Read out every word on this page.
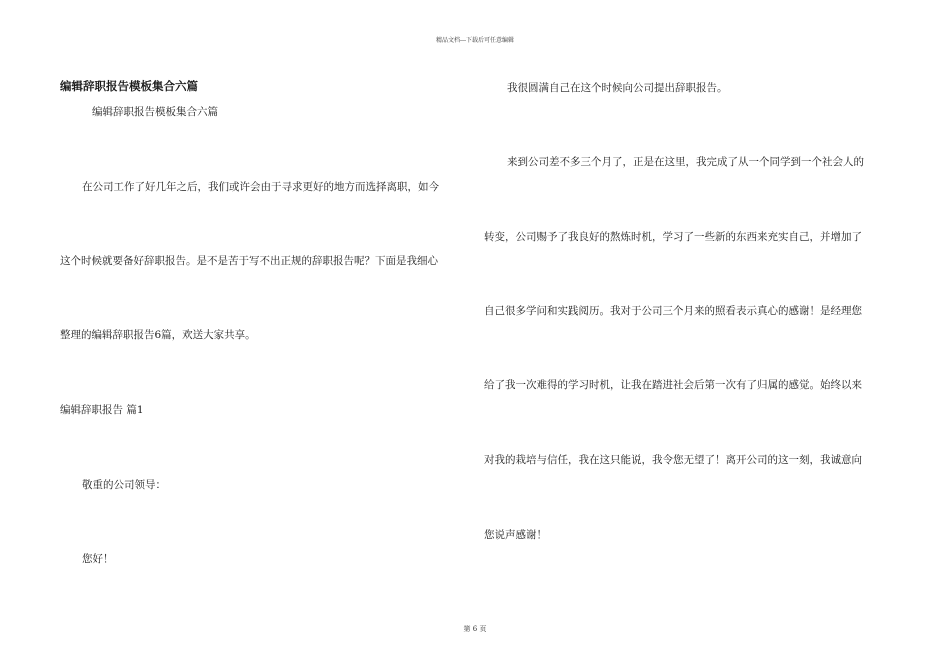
精品文档---下载后可任意编辑
编辑辞职报告模板集合六篇
编辑辞职报告模板集合六篇
在公司工作了好几年之后，我们或许会由于寻求更好的地方而选择离职，如今
这个时候就要备好辞职报告。是不是苦于写不出正规的辞职报告呢？下面是我细心
整理的编辑辞职报告6篇，欢送大家共享。
编辑辞职报告 篇1
敬重的公司领导：
您好！
我很圆满自己在这个时候向公司提出辞职报告。
来到公司差不多三个月了，正是在这里，我完成了从一个同学到一个社会人的
转变，公司赐予了我良好的熬炼时机，学习了一些新的东西来充实自己，并增加了
自己很多学问和实践阅历。我对于公司三个月来的照看表示真心的感谢！是经理您
给了我一次难得的学习时机，让我在踏进社会后第一次有了归属的感觉。始终以来
对我的栽培与信任，我在这只能说，我令您无望了！离开公司的这一刻，我诚意向
您说声感谢！
第 6 页
